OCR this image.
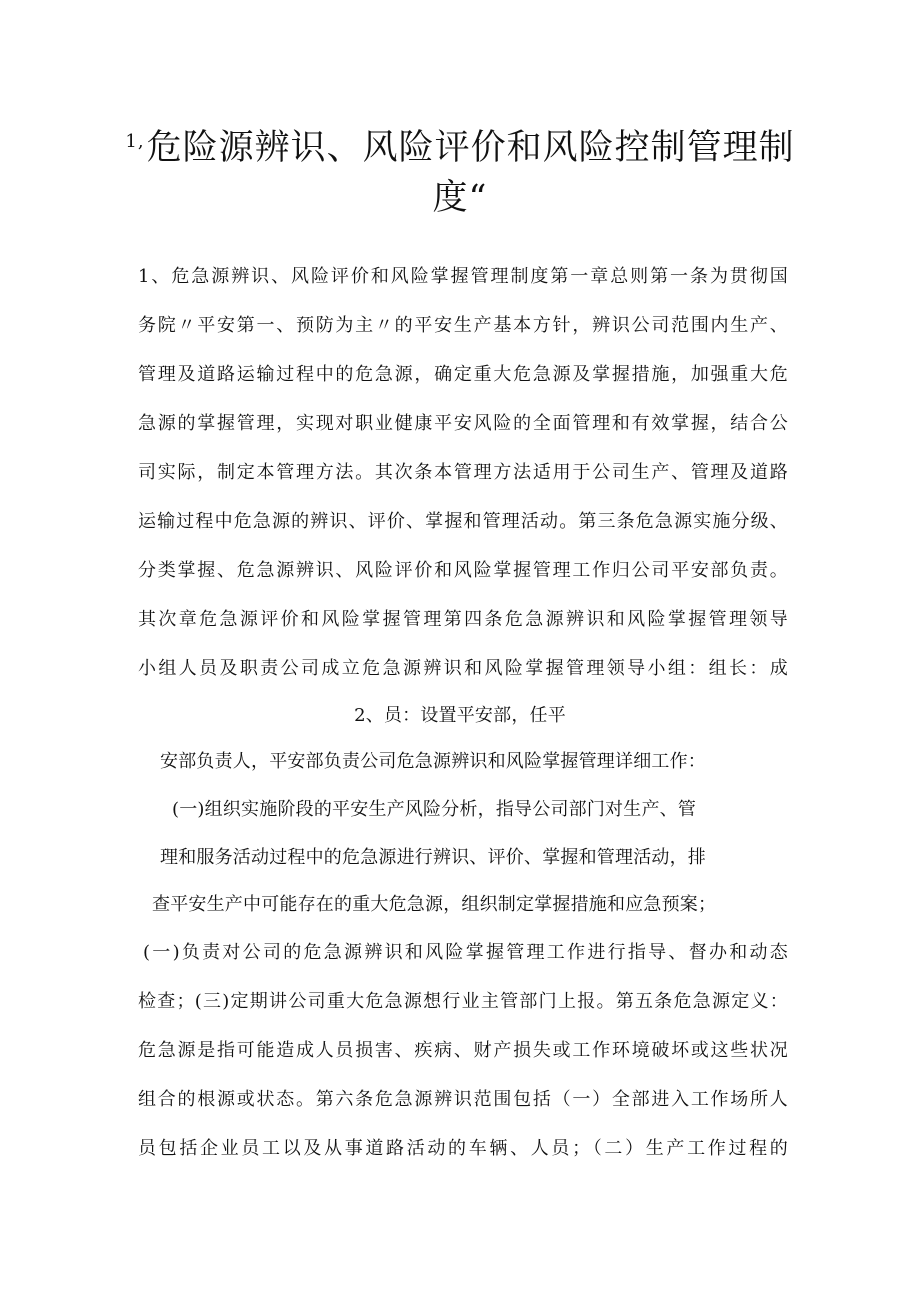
$^{1,}$危险源辨识、风险评价和风险控制管理制
度“
1、危急源辨识、风险评价和风险掌握管理制度第一章总则第一条为贯彻国
务院〃平安第一、预防为主〃的平安生产基本方针，辨识公司范围内生产、
管理及道路运输过程中的危急源，确定重大危急源及掌握措施，加强重大危
急源的掌握管理，实现对职业健康平安风险的全面管理和有效掌握，结合公
司实际，制定本管理方法。其次条本管理方法适用于公司生产、管理及道路
运输过程中危急源的辨识、评价、掌握和管理活动。第三条危急源实施分级、
分类掌握、危急源辨识、风险评价和风险掌握管理工作归公司平安部负责。
其次章危急源评价和风险掌握管理第四条危急源辨识和风险掌握管理领导
小组人员及职责公司成立危急源辨识和风险掌握管理领导小组：组长：成
2、员：设置平安部，任平
安部负责人，平安部负责公司危急源辨识和风险掌握管理详细工作：
(一)组织实施阶段的平安生产风险分析，指导公司部门对生产、管
理和服务活动过程中的危急源进行辨识、评价、掌握和管理活动，排
查平安生产中可能存在的重大危急源，组织制定掌握措施和应急预案；
(一)负责对公司的危急源辨识和风险掌握管理工作进行指导、督办和动态
检查；(三)定期讲公司重大危急源想行业主管部门上报。第五条危急源定义：
危急源是指可能造成人员损害、疾病、财产损失或工作环境破坏或这些状况
组合的根源或状态。第六条危急源辨识范围包括（一）全部进入工作场所人
员包括企业员工以及从事道路活动的车辆、人员；（二）生产工作过程的
